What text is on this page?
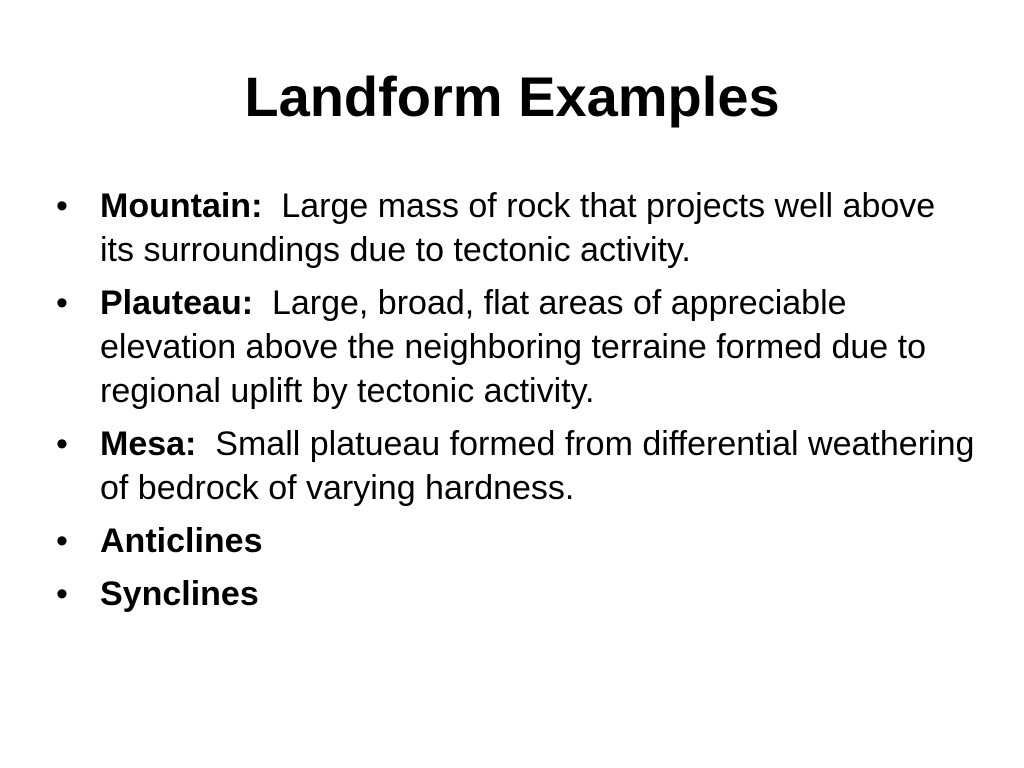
Landform Examples
• Mountain: Large mass of rock that projects well above its surroundings due to tectonic activity.
• Plauteau: Large, broad, flat areas of appreciable elevation above the neighboring terraine formed due to regional uplift by tectonic activity.
• Mesa: Small platueau formed from differential weathering of bedrock of varying hardness.
• Anticlines
• Synclines
